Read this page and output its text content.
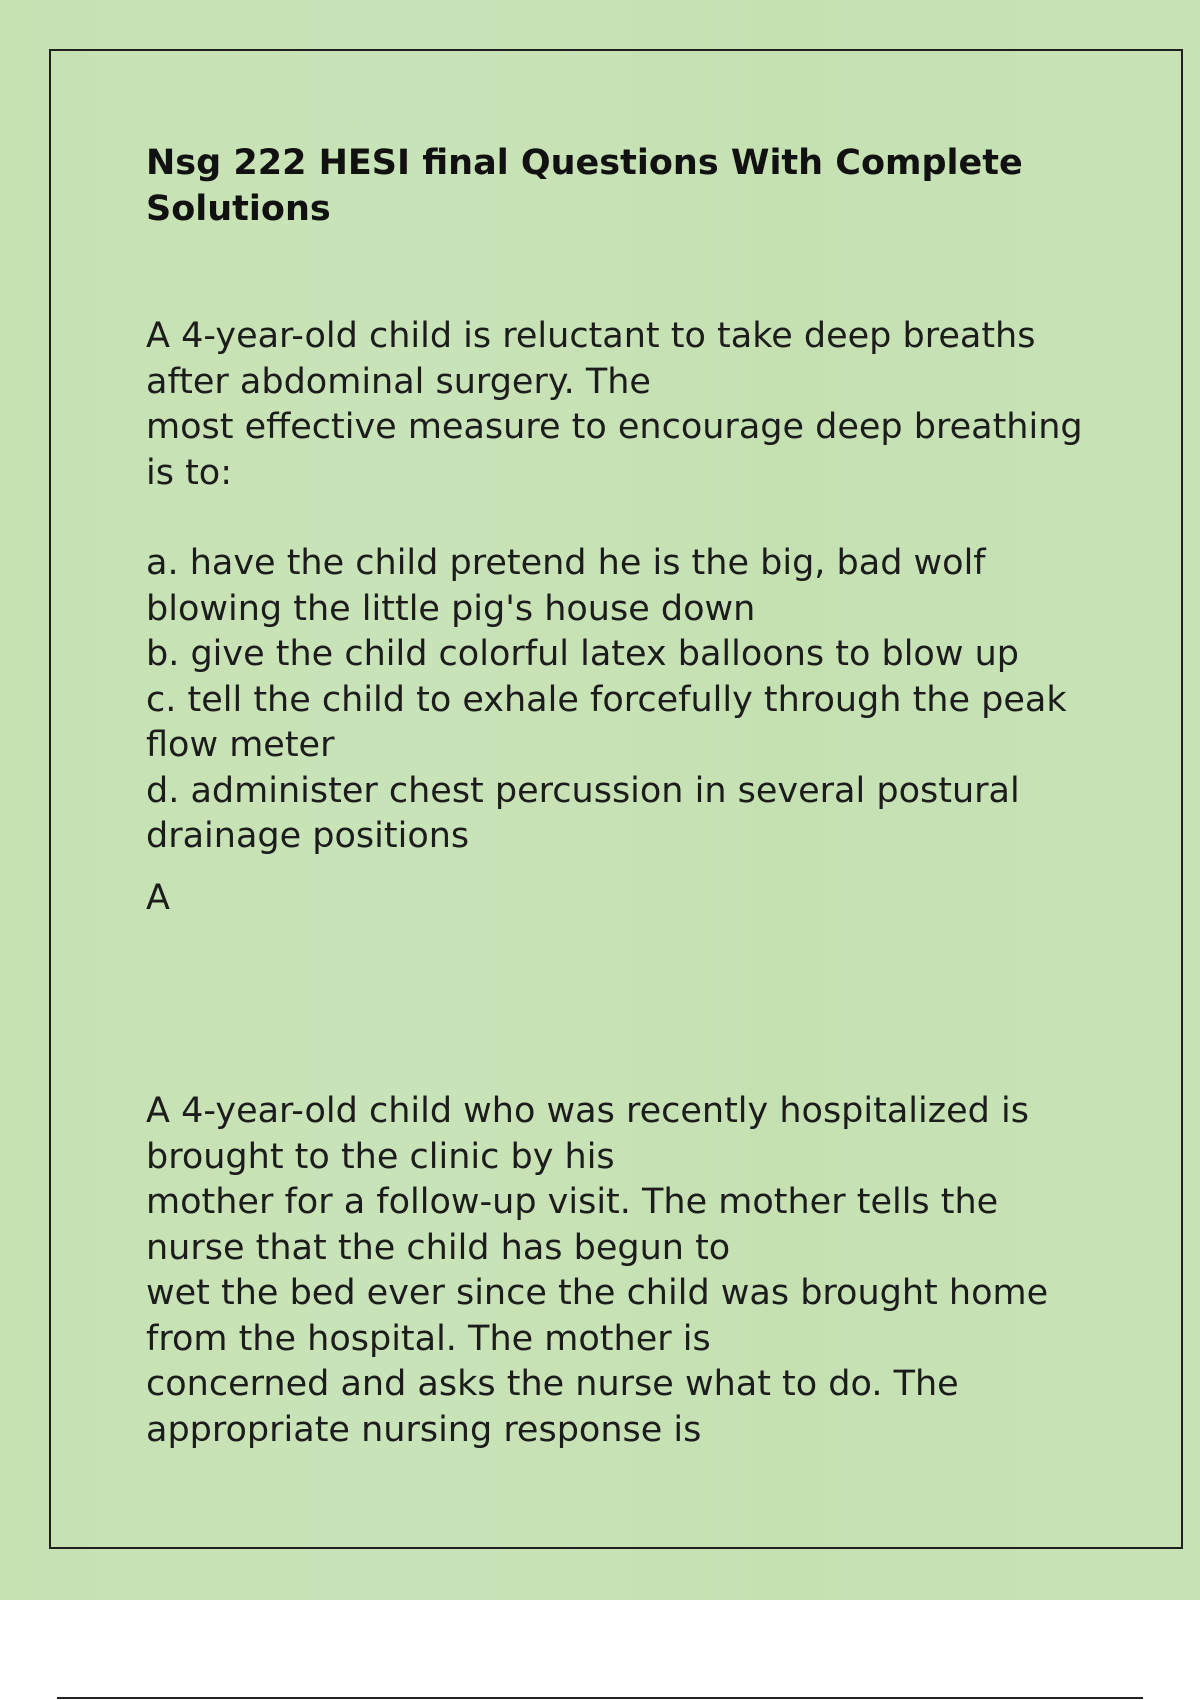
Nsg 222 HESI final Questions With Complete Solutions

A 4-year-old child is reluctant to take deep breaths after abdominal surgery. The
most effective measure to encourage deep breathing is to:

a. have the child pretend he is the big, bad wolf blowing the little pig's house down

b. give the child colorful latex balloons to blow up

c. tell the child to exhale forcefully through the peak flow meter

d. administer chest percussion in several postural drainage positions

A

A 4-year-old child who was recently hospitalized is brought to the clinic by his
mother for a follow-up visit. The mother tells the nurse that the child has begun to
wet the bed ever since the child was brought home from the hospital. The mother is
concerned and asks the nurse what to do. The appropriate nursing response is
